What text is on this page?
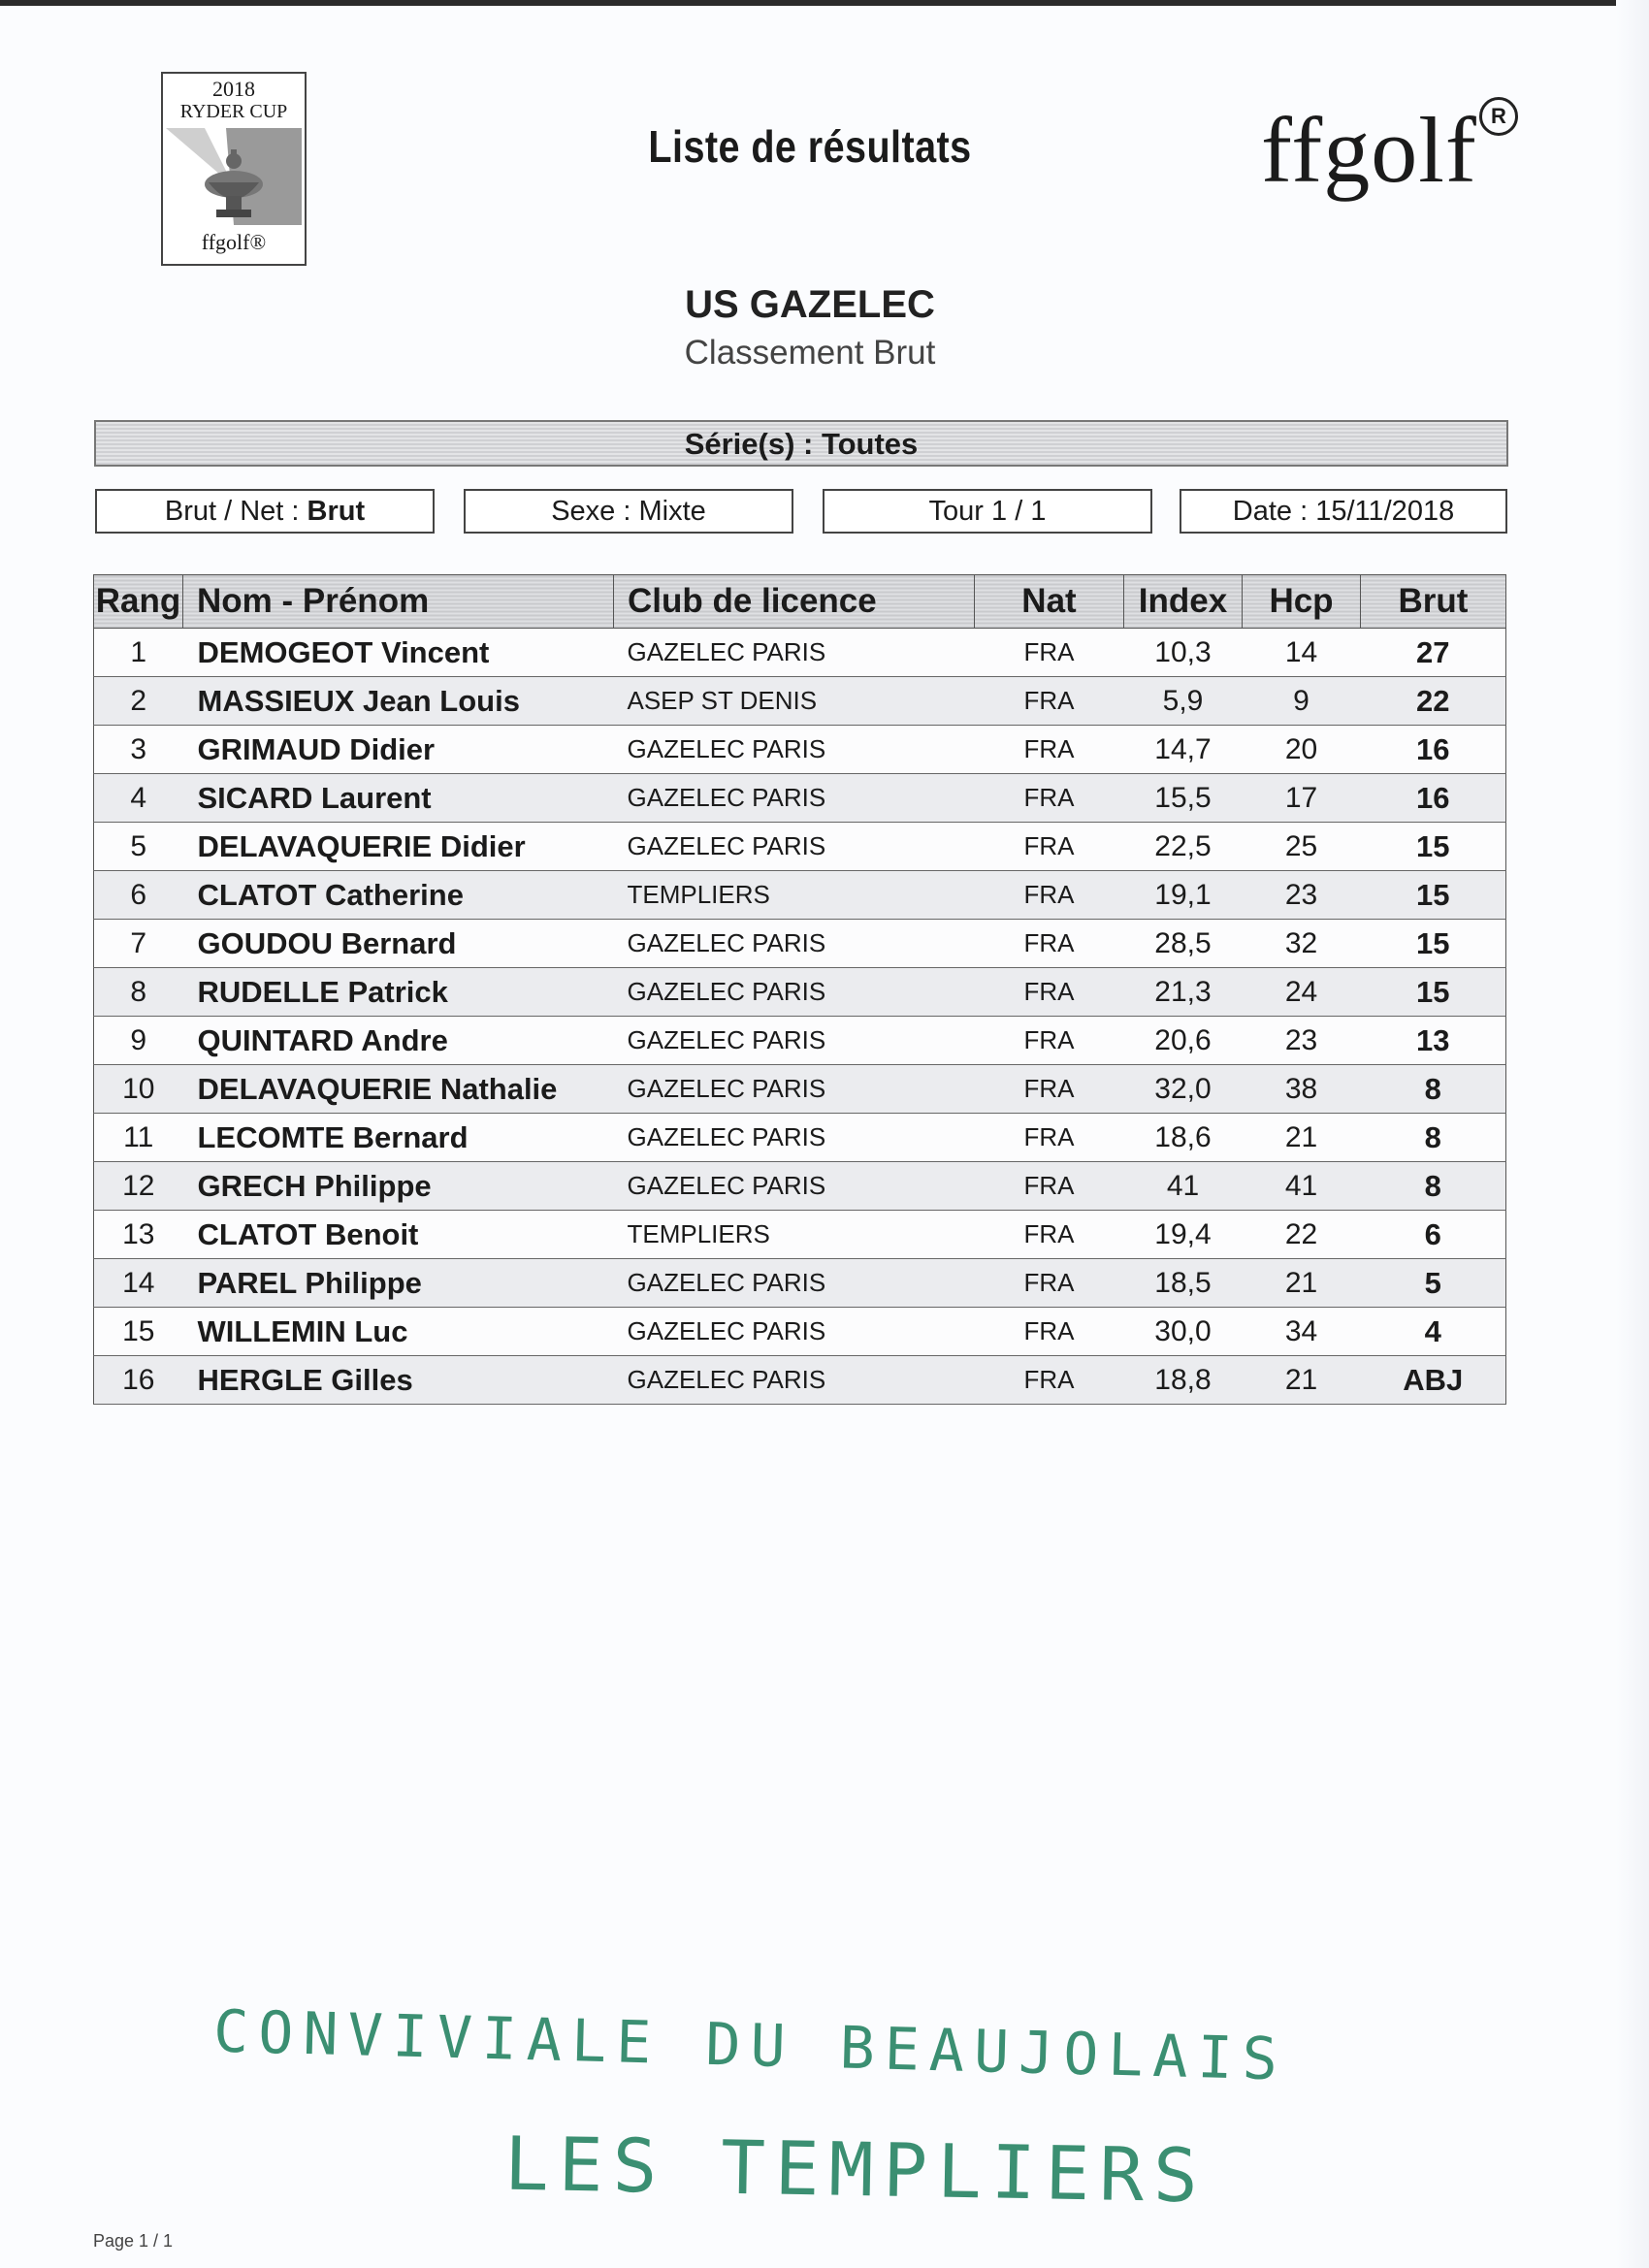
2018
RYDER CUP
ffgolf®
Liste de résultats	ffgolf R
US GAZELEC
Classement Brut
Série(s) : Toutes
Brut / Net : Brut	Sexe : Mixte	Tour 1 / 1	Date : 15/11/2018
Rang	Nom - Prénom	Club de licence	Nat	Index	Hcp	Brut
1	DEMOGEOT Vincent	GAZELEC PARIS	FRA	10,3	14	27
2	MASSIEUX Jean Louis	ASEP ST DENIS	FRA	5,9	9	22
3	GRIMAUD Didier	GAZELEC PARIS	FRA	14,7	20	16
4	SICARD Laurent	GAZELEC PARIS	FRA	15,5	17	16
5	DELAVAQUERIE Didier	GAZELEC PARIS	FRA	22,5	25	15
6	CLATOT Catherine	TEMPLIERS	FRA	19,1	23	15
7	GOUDOU Bernard	GAZELEC PARIS	FRA	28,5	32	15
8	RUDELLE Patrick	GAZELEC PARIS	FRA	21,3	24	15
9	QUINTARD Andre	GAZELEC PARIS	FRA	20,6	23	13
10	DELAVAQUERIE Nathalie	GAZELEC PARIS	FRA	32,0	38	8
11	LECOMTE Bernard	GAZELEC PARIS	FRA	18,6	21	8
12	GRECH Philippe	GAZELEC PARIS	FRA	41	41	8
13	CLATOT Benoit	TEMPLIERS	FRA	19,4	22	6
14	PAREL Philippe	GAZELEC PARIS	FRA	18,5	21	5
15	WILLEMIN Luc	GAZELEC PARIS	FRA	30,0	34	4
16	HERGLE Gilles	GAZELEC PARIS	FRA	18,8	21	ABJ
CONVIVIALE DU BEAUJOLAIS
LES TEMPLIERS
Page 1 / 1
